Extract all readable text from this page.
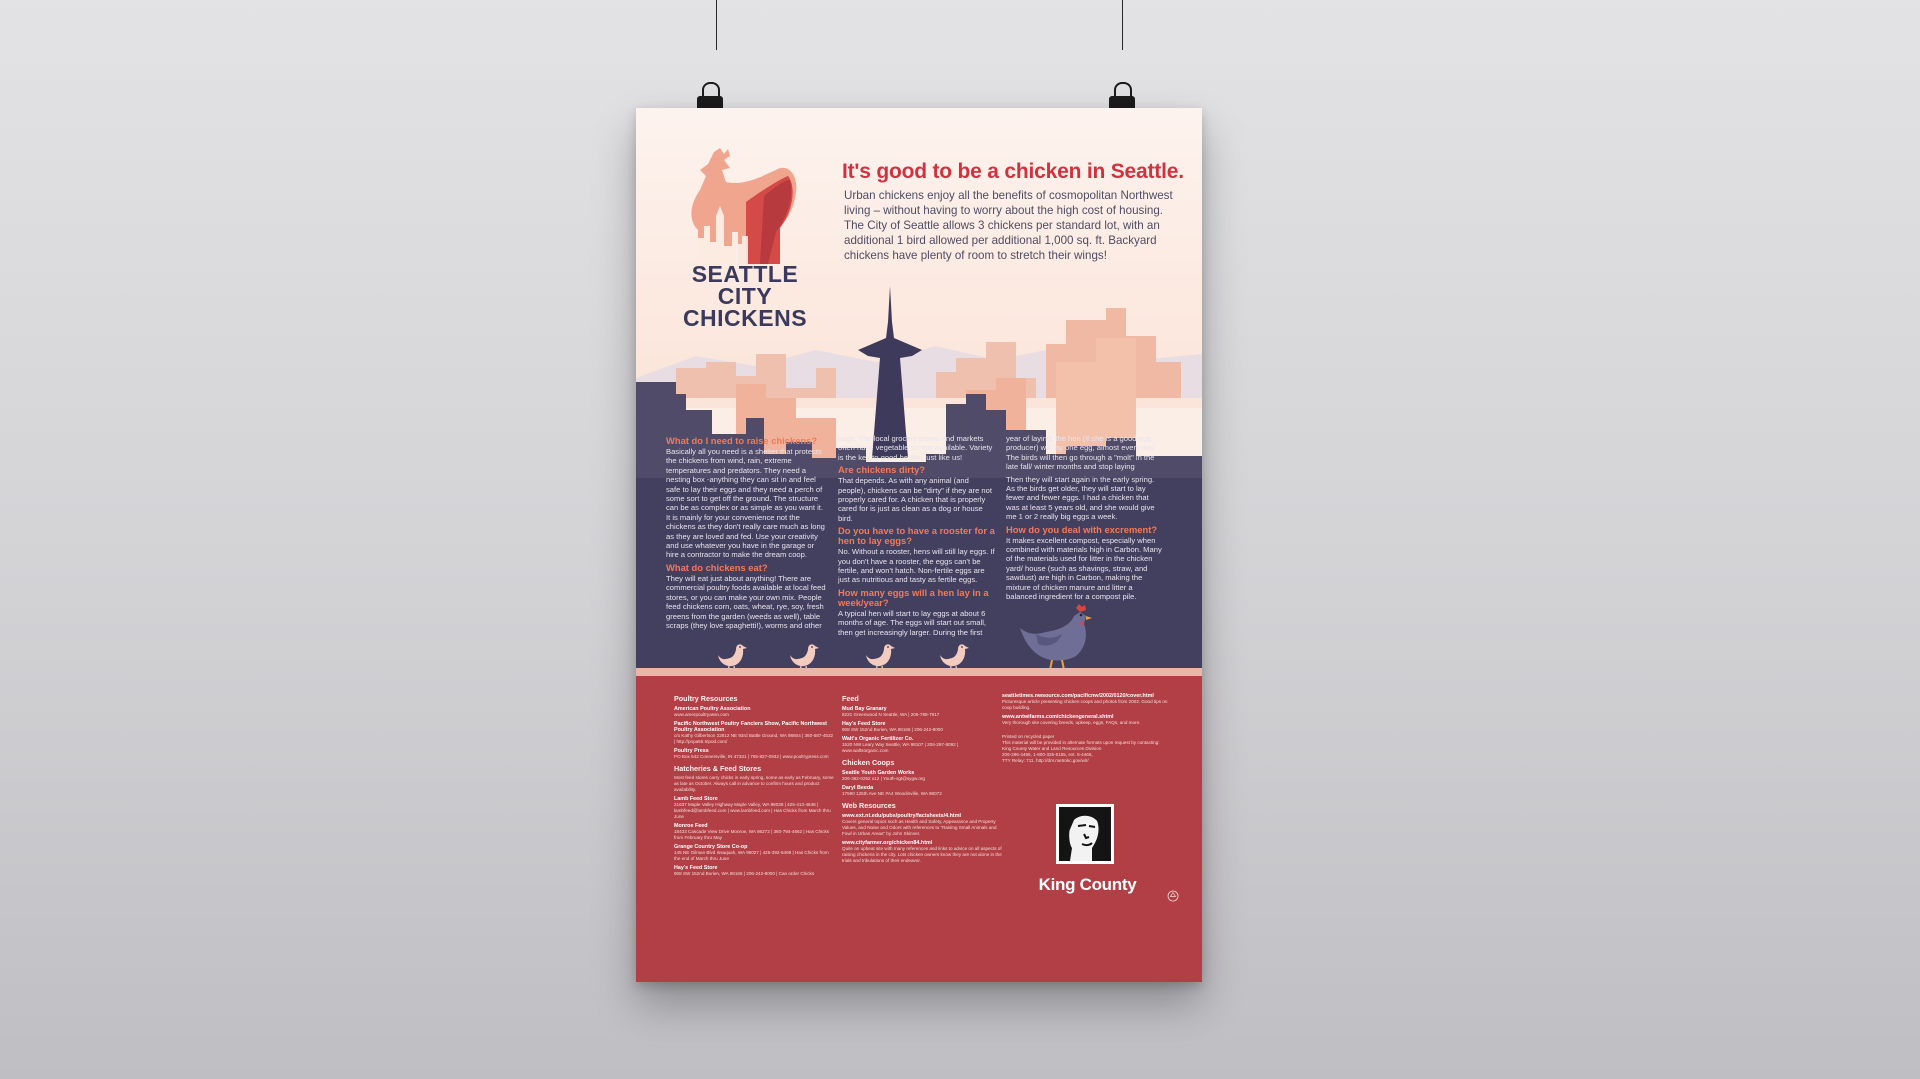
SEATTLE CITY
CHICKENS
It's good to be a chicken in Seattle.
Urban chickens enjoy all the benefits of cosmopolitan Northwest living – without having to worry about the high cost of housing. The City of Seattle allows 3 chickens per standard lot, with an additional 1 bird allowed per additional 1,000 sq. ft. Backyard chickens have plenty of room to stretch their wings!
What do I need to raise chickens?

Basically all you need is a shelter that protects the chickens from wind, rain, extreme temperatures and predators. They need a nesting box -anything they can sit in and feel safe to lay their eggs and they need a perch of some sort to get off the ground. The structure can be as complex or as simple as you want it. It is mainly for your convenience not the chickens as they don't really care much as long as they are loved and fed. Use your creativity and use whatever you have in the garage or hire a contractor to make the dream coop.

What do chickens eat?

They will eat just about anything! There are commercial poultry foods available at local feed stores, or you can make your own mix. People feed chickens corn, oats, wheat, rye, soy, fresh greens from the garden (weeds as well), table scraps (they love spaghetti!), worms and other

bugs. The local grocery stores and markets often have vegetable scraps available. Variety is the key to good health, just like us!

Are chickens dirty?

That depends. As with any animal (and people), chickens can be "dirty" if they are not properly cared for. A chicken that is properly cared for is just as clean as a dog or house bird.

Do you have to have a rooster for a hen to lay eggs?

No. Without a rooster, hens will still lay eggs. If you don't have a rooster, the eggs can't be fertile, and won't hatch. Non-fertile eggs are just as nutritious and tasty as fertile eggs.

How many eggs will a hen lay in a week/year?

A typical hen will start to lay eggs at about 6 months of age. The eggs will start out small, then get increasingly larger. During the first

year of laying, the hen (if she is a good egg producer) will lay one egg, almost every day. The birds will then go through a "molt" in the late fall/ winter months and stop laying

Then they will start again in the early spring. As the birds get older, they will start to lay fewer and fewer eggs. I had a chicken that was at least 5 years old, and she would give me 1 or 2 really big eggs a week.

How do you deal with excrement?

It makes excellent compost, especially when combined with materials high in Carbon. Many of the materials used for litter in the chicken yard/ house (such as shavings, straw, and sawdust) are high in Carbon, making the mixture of chicken manure and litter a balanced ingredient for a compost pile.

Poultry Resources
American Poultry Association
www.amerpoultryassn.com
Pacific Northwest Poultry Fanciers Show, Pacific Northwest Poultry Association
c/o Kathy Gilbertson 22812 NE 93rd Battle Ground, WA 98604 | 360-687-4532 | http://pnpa55.tripod.com/
Poultry Press
PO Box 542 Connersville, IN 47331 | 765-827-0932 | www.poultrypress.com
Hatcheries & Feed Stores
Most feed stores carry chicks in early spring, some as early as February, some as late as October. Always call in advance to confirm hours and product availability.
Lamb Feed Store
21637 Maple Valley Highway Maple Valley, WA 98038 | 425-413-4848 | lambfeed@lambfeed.com | www.lambfeed.com | Has Chicks from March thru June
Monroe Feed
18433 Cascade View Drive Monroe, WA 98272 | 360-794-4662 | Has Chicks from February thru May
Grange Country Store Co-op
145 NE Gilman Blvd Issaquah, WA 98027 | 425-392-6469 | Has Chicks from the end of March thru June
Hay's Feed Store
908 SW 152nd Burien, WA 98166 | 206-242-8000 | Can order Chicks
Feed
Mud Bay Granary
8221 Greenwood N Seattle, WA | 206-789-7917
Hay's Feed Store
908 SW 152nd Burien, WA 98166 | 206-242-8000
Walt's Organic Fertilizer Co.
1520 NW Leary Way Seattle, WA 98107 | 206-297-9092 | www.waltsorganic.com
Chicken Coops
Seattle Youth Garden Works
206-362-0252 x12 | Youth-sgt@sygw.org
Daryl Beeda
17590 125th Ave NE #A4 Woodinville, WA 98072
Web Resources
www.ext.nt.edu/pubs/poultry/factsheets/4.html
Covers general topics such as Health and Safety, Appearance and Property Values, and Noise and Odors with references to "Raising Small Animals and Fowl in Urban Areas" by John Skinner.
www.cityfarmer.org/chicken84.html
Quite an upbeat site with many references and links to advice on all aspects of raising chickens in the city. Lots chicken owners know they are not alone in the trials and tribulations of their endeavor.
seattletimes.nwsource.com/pacificnw/2002/0120/cover.html
Picturesque article presenting chicken coops and photos from 2002. Good tips on coop building.
www.antwifarms.com/chickengeneral.shtml
Very thorough site covering breeds, upkeep, eggs, FAQs, and more.
Printed on recycled paper
This material will be provided in alternate formats upon request by contacting:
King County Water and Land Resources Division
206-296-4466, 1-800-325-6165, ext. 6-4466,
TTY Relay: 711, http://dnr.metrokc.gov/wlr/
King County
